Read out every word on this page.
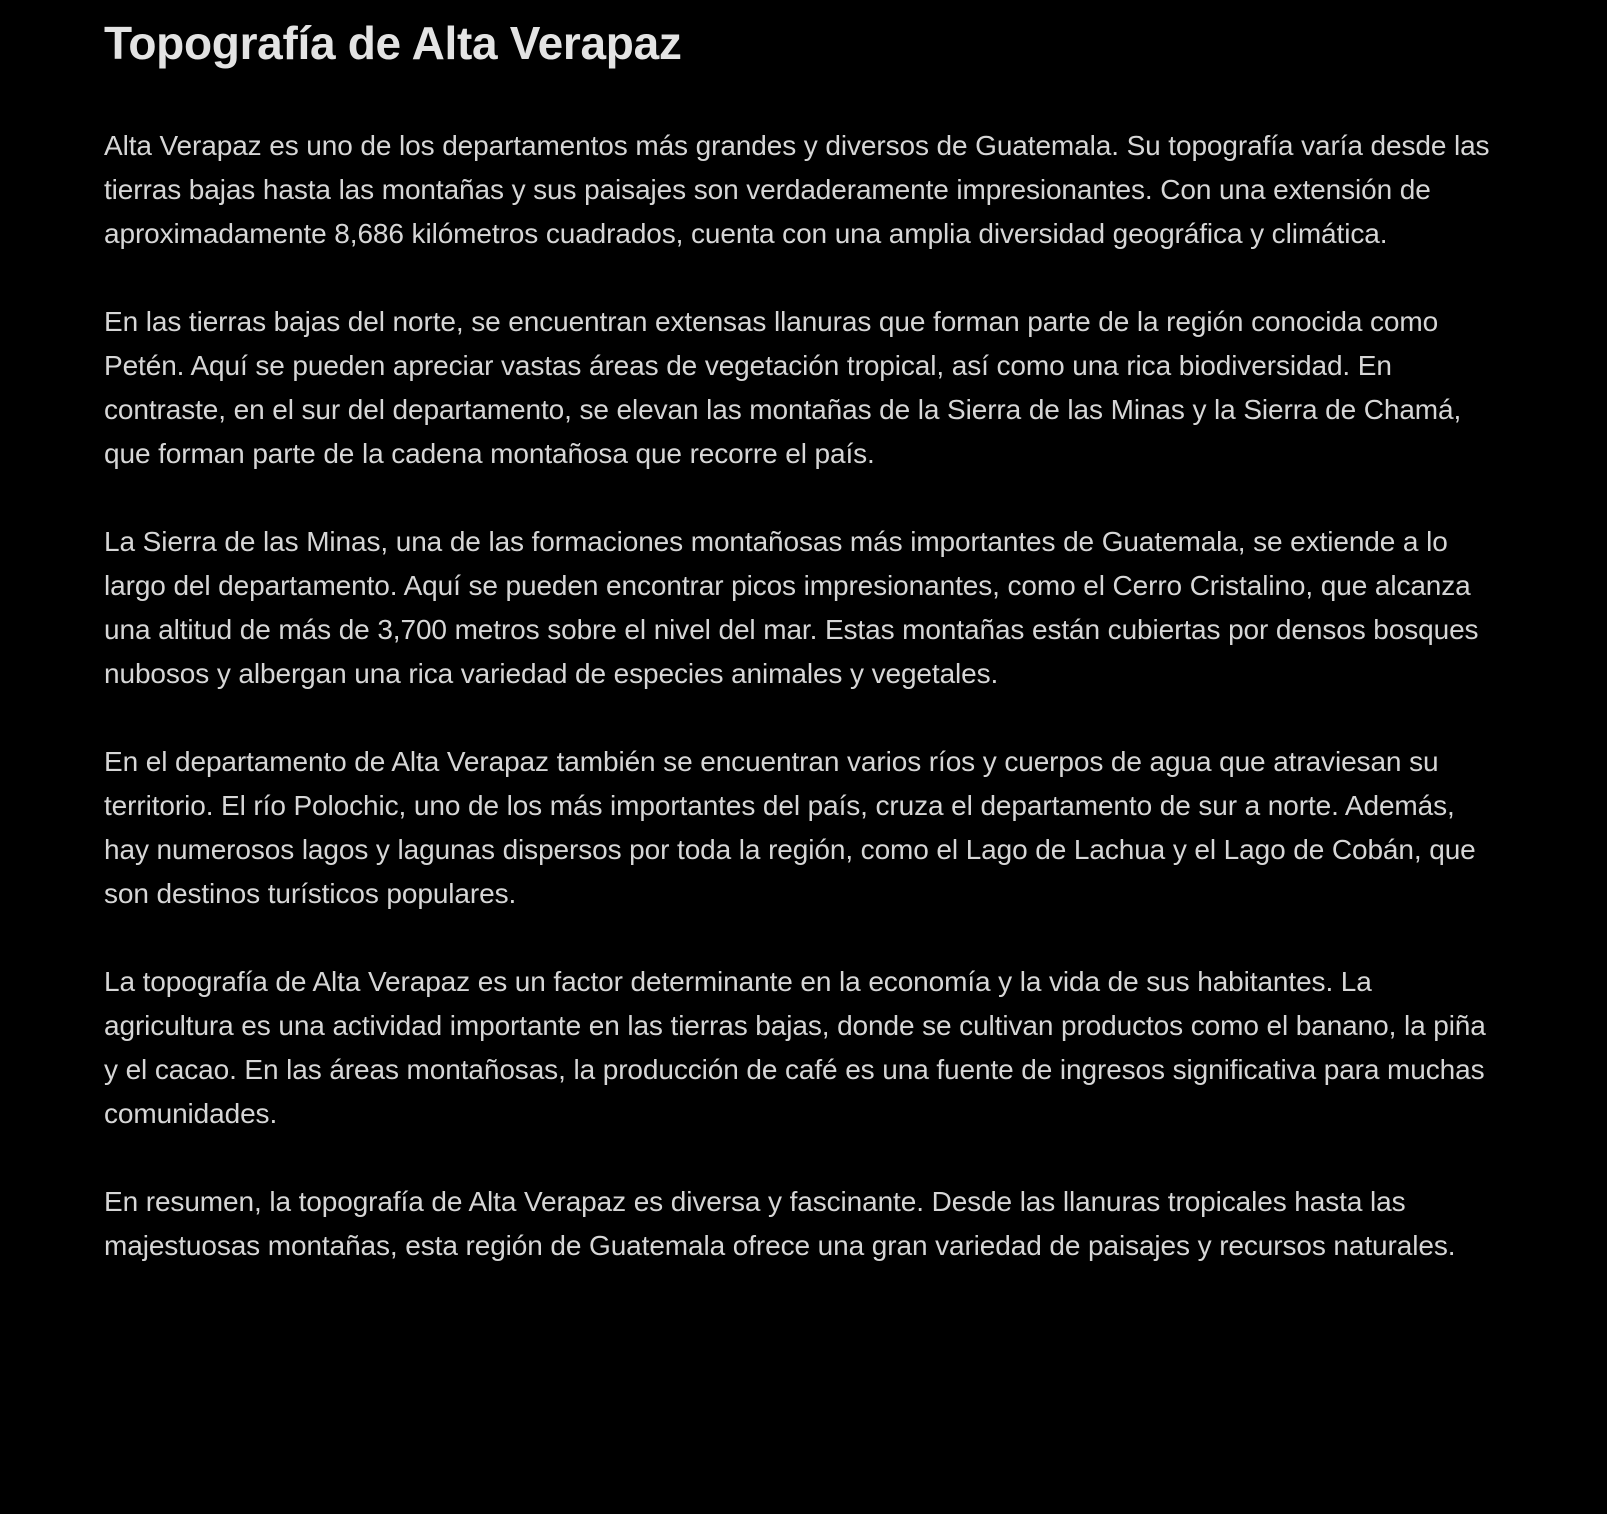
Topografía de Alta Verapaz

Alta Verapaz es uno de los departamentos más grandes y diversos de Guatemala. Su topografía varía desde las tierras bajas hasta las montañas y sus paisajes son verdaderamente impresionantes. Con una extensión de aproximadamente 8,686 kilómetros cuadrados, cuenta con una amplia diversidad geográfica y climática.

En las tierras bajas del norte, se encuentran extensas llanuras que forman parte de la región conocida como Petén. Aquí se pueden apreciar vastas áreas de vegetación tropical, así como una rica biodiversidad. En contraste, en el sur del departamento, se elevan las montañas de la Sierra de las Minas y la Sierra de Chamá, que forman parte de la cadena montañosa que recorre el país.

La Sierra de las Minas, una de las formaciones montañosas más importantes de Guatemala, se extiende a lo largo del departamento. Aquí se pueden encontrar picos impresionantes, como el Cerro Cristalino, que alcanza una altitud de más de 3,700 metros sobre el nivel del mar. Estas montañas están cubiertas por densos bosques nubosos y albergan una rica variedad de especies animales y vegetales.

En el departamento de Alta Verapaz también se encuentran varios ríos y cuerpos de agua que atraviesan su territorio. El río Polochic, uno de los más importantes del país, cruza el departamento de sur a norte. Además, hay numerosos lagos y lagunas dispersos por toda la región, como el Lago de Lachua y el Lago de Cobán, que son destinos turísticos populares.

La topografía de Alta Verapaz es un factor determinante en la economía y la vida de sus habitantes. La agricultura es una actividad importante en las tierras bajas, donde se cultivan productos como el banano, la piña y el cacao. En las áreas montañosas, la producción de café es una fuente de ingresos significativa para muchas comunidades.

En resumen, la topografía de Alta Verapaz es diversa y fascinante. Desde las llanuras tropicales hasta las majestuosas montañas, esta región de Guatemala ofrece una gran variedad de paisajes y recursos naturales.
